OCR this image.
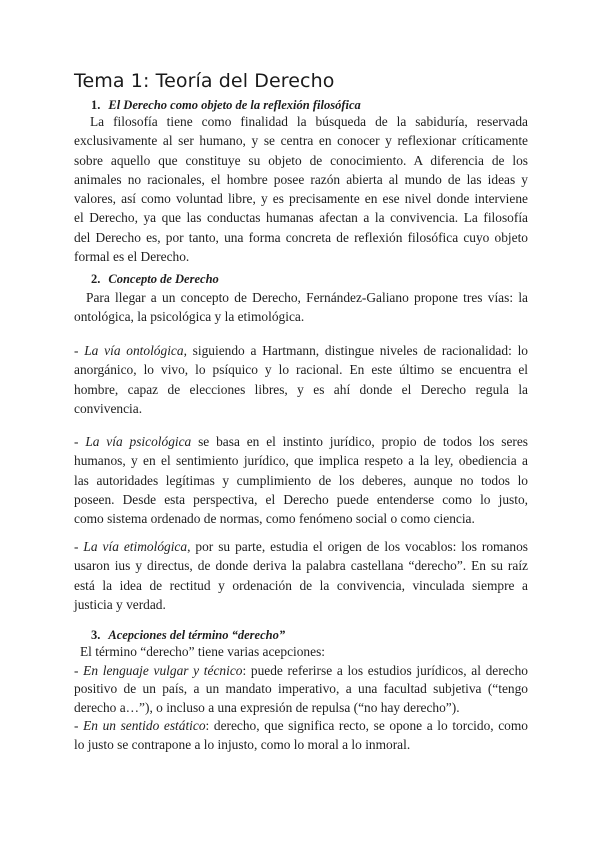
Tema 1: Teoría del Derecho
1. El Derecho como objeto de la reflexión filosófica
La filosofía tiene como finalidad la búsqueda de la sabiduría, reservada
exclusivamente al ser humano, y se centra en conocer y reflexionar críticamente
sobre aquello que constituye su objeto de conocimiento. A diferencia de los
animales no racionales, el hombre posee razón abierta al mundo de las ideas y
valores, así como voluntad libre, y es precisamente en ese nivel donde interviene
el Derecho, ya que las conductas humanas afectan a la convivencia. La filosofía
del Derecho es, por tanto, una forma concreta de reflexión filosófica cuyo objeto
formal es el Derecho.
2. Concepto de Derecho
Para llegar a un concepto de Derecho, Fernández-Galiano propone tres vías: la
ontológica, la psicológica y la etimológica.
- La vía ontológica, siguiendo a Hartmann, distingue niveles de racionalidad: lo
anorgánico, lo vivo, lo psíquico y lo racional. En este último se encuentra el
hombre, capaz de elecciones libres, y es ahí donde el Derecho regula la
convivencia.
- La vía psicológica se basa en el instinto jurídico, propio de todos los seres
humanos, y en el sentimiento jurídico, que implica respeto a la ley, obediencia a
las autoridades legítimas y cumplimiento de los deberes, aunque no todos lo
poseen. Desde esta perspectiva, el Derecho puede entenderse como lo justo,
como sistema ordenado de normas, como fenómeno social o como ciencia.
- La vía etimológica, por su parte, estudia el origen de los vocablos: los romanos
usaron ius y directus, de donde deriva la palabra castellana “derecho”. En su raíz
está la idea de rectitud y ordenación de la convivencia, vinculada siempre a
justicia y verdad.
3. Acepciones del término “derecho”
El término “derecho” tiene varias acepciones:
- En lenguaje vulgar y técnico: puede referirse a los estudios jurídicos, al derecho
positivo de un país, a un mandato imperativo, a una facultad subjetiva (“tengo
derecho a…”), o incluso a una expresión de repulsa (“no hay derecho”).
- En un sentido estático: derecho, que significa recto, se opone a lo torcido, como
lo justo se contrapone a lo injusto, como lo moral a lo inmoral.
